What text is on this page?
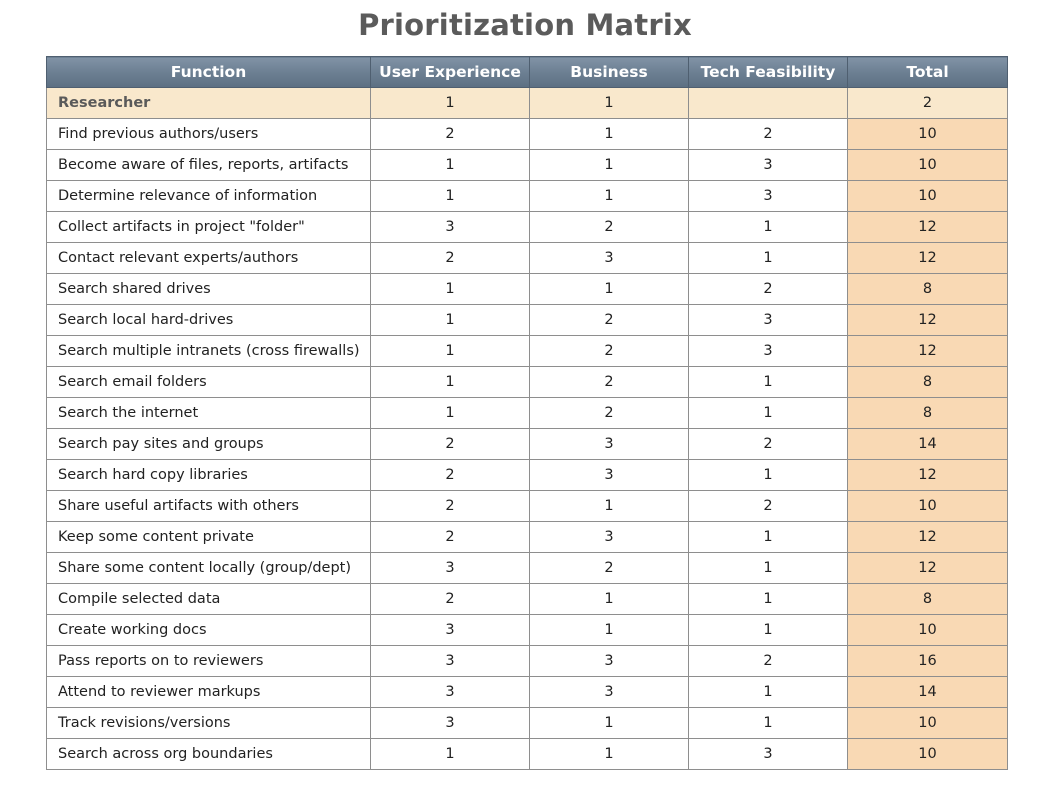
Prioritization Matrix
Function	User Experience	Business	Tech Feasibility	Total
Researcher	1	1		2
Find previous authors/users	2	1	2	10
Become aware of files, reports, artifacts	1	1	3	10
Determine relevance of information	1	1	3	10
Collect artifacts in project "folder"	3	2	1	12
Contact relevant experts/authors	2	3	1	12
Search shared drives	1	1	2	8
Search local hard-drives	1	2	3	12
Search multiple intranets (cross firewalls)	1	2	3	12
Search email folders	1	2	1	8
Search the internet	1	2	1	8
Search pay sites and groups	2	3	2	14
Search hard copy libraries	2	3	1	12
Share useful artifacts with others	2	1	2	10
Keep some content private	2	3	1	12
Share some content locally (group/dept)	3	2	1	12
Compile selected data	2	1	1	8
Create working docs	3	1	1	10
Pass reports on to reviewers	3	3	2	16
Attend to reviewer markups	3	3	1	14
Track revisions/versions	3	1	1	10
Search across org boundaries	1	1	3	10
